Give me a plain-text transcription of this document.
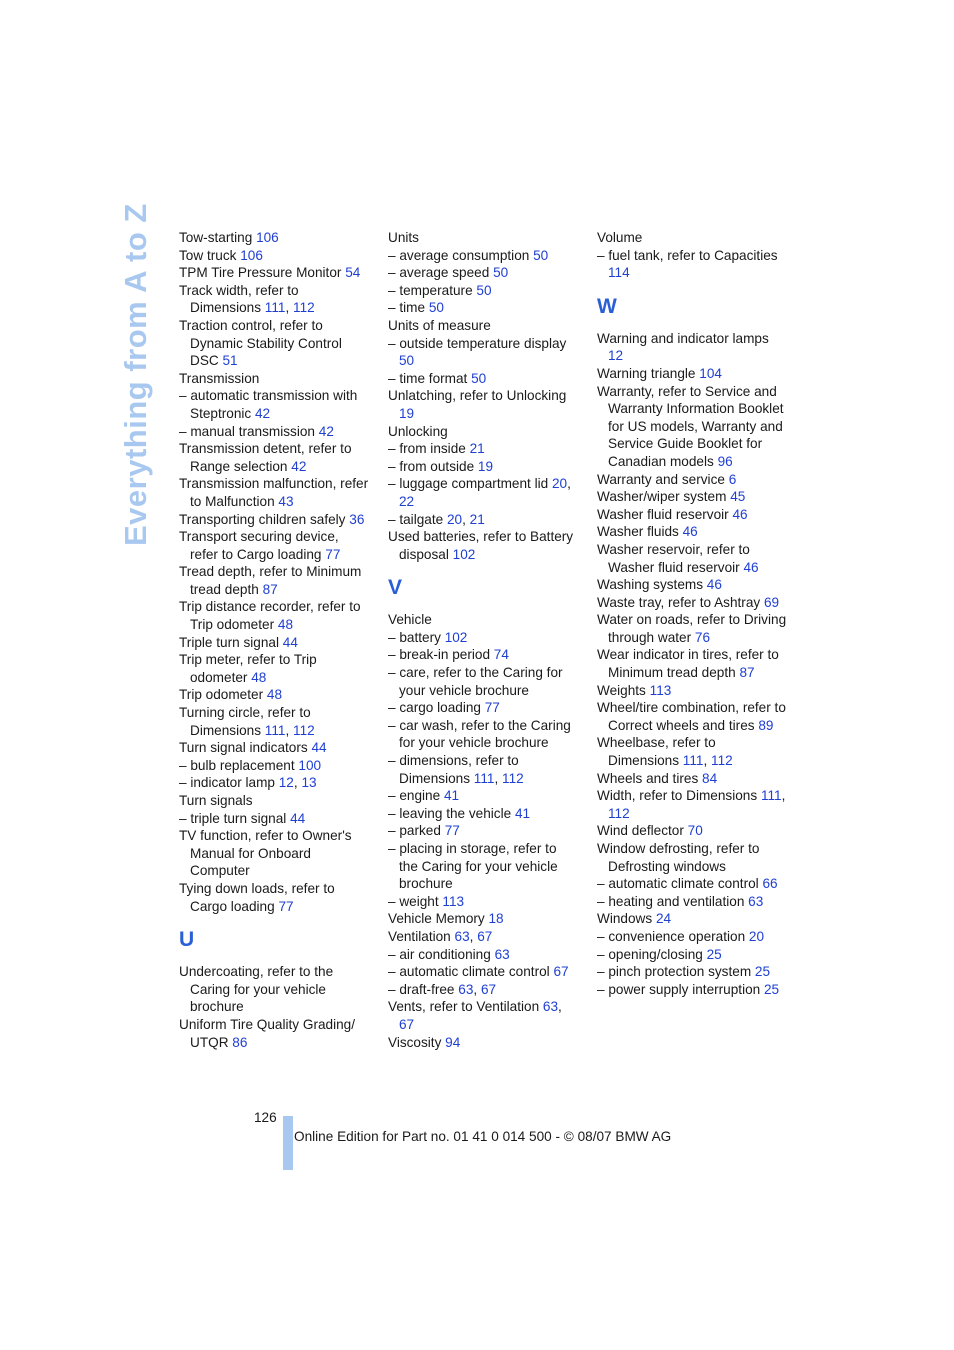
Everything from A to Z Tow-starting 106
Tow truck 106
TPM Tire Pressure Monitor 54
Track width, refer to Dimensions 111, 112
Traction control, refer to Dynamic Stability Control DSC 51
Transmission
– automatic transmission with Steptronic 42
– manual transmission 42
Transmission detent, refer to Range selection 42
Transmission malfunction, refer to Malfunction 43
Transporting children safely 36
Transport securing device, refer to Cargo loading 77
Tread depth, refer to Minimum tread depth 87
Trip distance recorder, refer to Trip odometer 48
Triple turn signal 44
Trip meter, refer to Trip odometer 48
Trip odometer 48
Turning circle, refer to Dimensions 111, 112
Turn signal indicators 44
– bulb replacement 100
– indicator lamp 12, 13
Turn signals
– triple turn signal 44
TV function, refer to Owner's Manual for Onboard Computer
Tying down loads, refer to Cargo loading 77
U
Undercoating, refer to the Caring for your vehicle brochure
Uniform Tire Quality Grading/ UTQR 86
Units
– average consumption 50
– average speed 50
– temperature 50
– time 50
Units of measure
– outside temperature display 50
– time format 50
Unlatching, refer to Unlocking 19
Unlocking
– from inside 21
– from outside 19
– luggage compartment lid 20, 22
– tailgate 20, 21
Used batteries, refer to Battery disposal 102
V
Vehicle
– battery 102
– break-in period 74
– care, refer to the Caring for your vehicle brochure
– cargo loading 77
– car wash, refer to the Caring for your vehicle brochure
– dimensions, refer to Dimensions 111, 112
– engine 41
– leaving the vehicle 41
– parked 77
– placing in storage, refer to the Caring for your vehicle brochure
– weight 113
Vehicle Memory 18
Ventilation 63, 67
– air conditioning 63
– automatic climate control 67
– draft-free 63, 67
Vents, refer to Ventilation 63, 67
Viscosity 94
Volume
– fuel tank, refer to Capacities 114
W
Warning and indicator lamps 12
Warning triangle 104
Warranty, refer to Service and Warranty Information Booklet for US models, Warranty and Service Guide Booklet for Canadian models 96
Warranty and service 6
Washer/wiper system 45
Washer fluid reservoir 46
Washer fluids 46
Washer reservoir, refer to Washer fluid reservoir 46
Washing systems 46
Waste tray, refer to Ashtray 69
Water on roads, refer to Driving through water 76
Wear indicator in tires, refer to Minimum tread depth 87
Weights 113
Wheel/tire combination, refer to Correct wheels and tires 89
Wheelbase, refer to Dimensions 111, 112
Wheels and tires 84
Width, refer to Dimensions 111, 112
Wind deflector 70
Window defrosting, refer to Defrosting windows
– automatic climate control 66
– heating and ventilation 63
Windows 24
– convenience operation 20
– opening/closing 25
– pinch protection system 25
– power supply interruption 25
126
Online Edition for Part no. 01 41 0 014 500 - © 08/07 BMW AG
